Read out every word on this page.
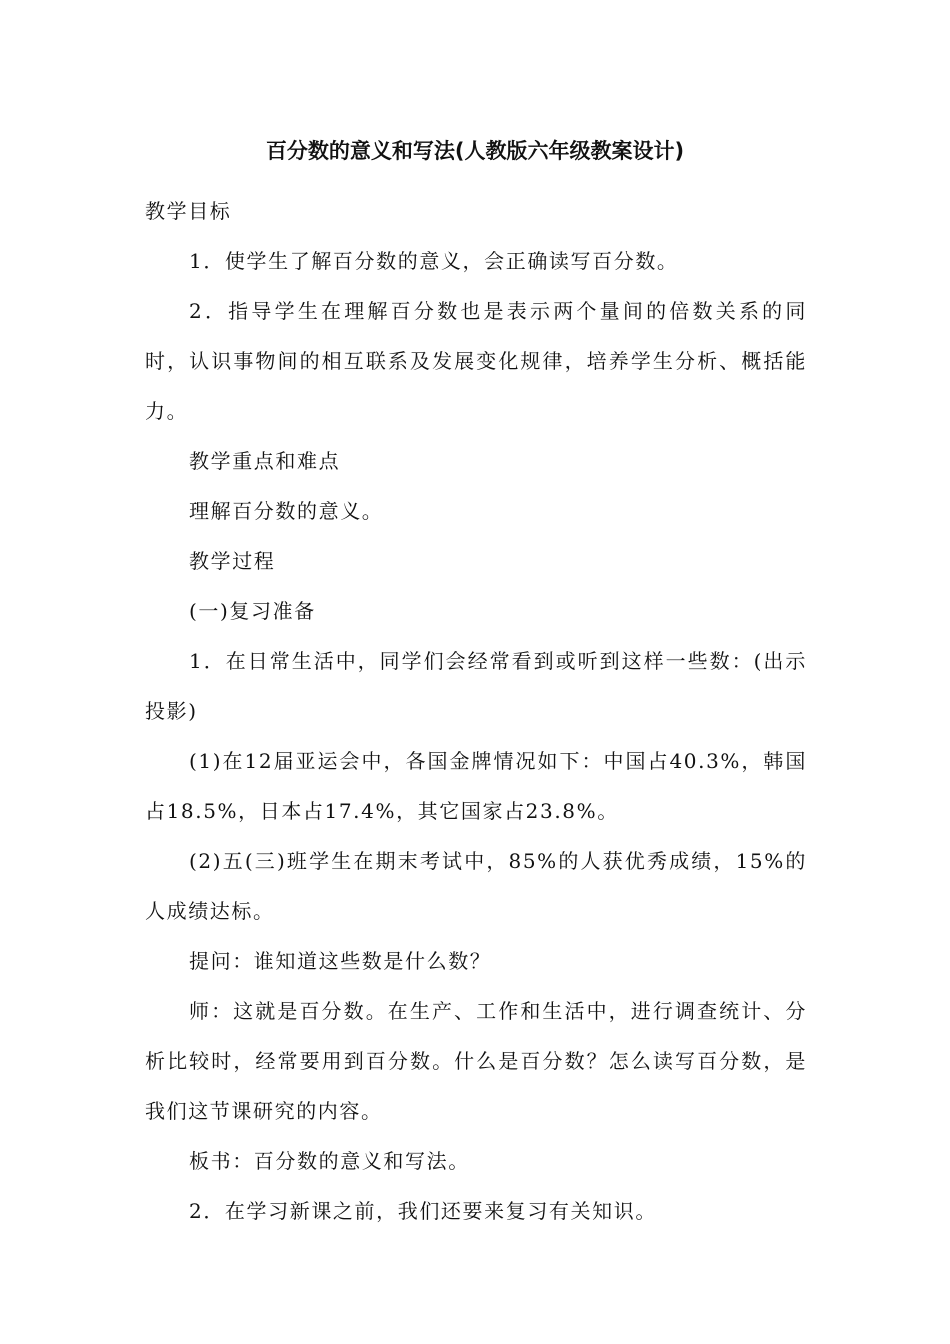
百分数的意义和写法(人教版六年级教案设计)

教学目标

1．使学生了解百分数的意义，会正确读写百分数。

2．指导学生在理解百分数也是表示两个量间的倍数关系的同时，认识事物间的相互联系及发展变化规律，培养学生分析、概括能力。

教学重点和难点

理解百分数的意义。

教学过程

(一)复习准备

1．在日常生活中，同学们会经常看到或听到这样一些数：(出示投影)

(1)在12届亚运会中，各国金牌情况如下：中国占40.3%，韩国占18.5%，日本占17.4%，其它国家占23.8%。

(2)五(三)班学生在期末考试中，85%的人获优秀成绩，15%的人成绩达标。

提问：谁知道这些数是什么数？

师：这就是百分数。在生产、工作和生活中，进行调查统计、分析比较时，经常要用到百分数。什么是百分数？怎么读写百分数，是我们这节课研究的内容。

板书：百分数的意义和写法。

2．在学习新课之前，我们还要来复习有关知识。
